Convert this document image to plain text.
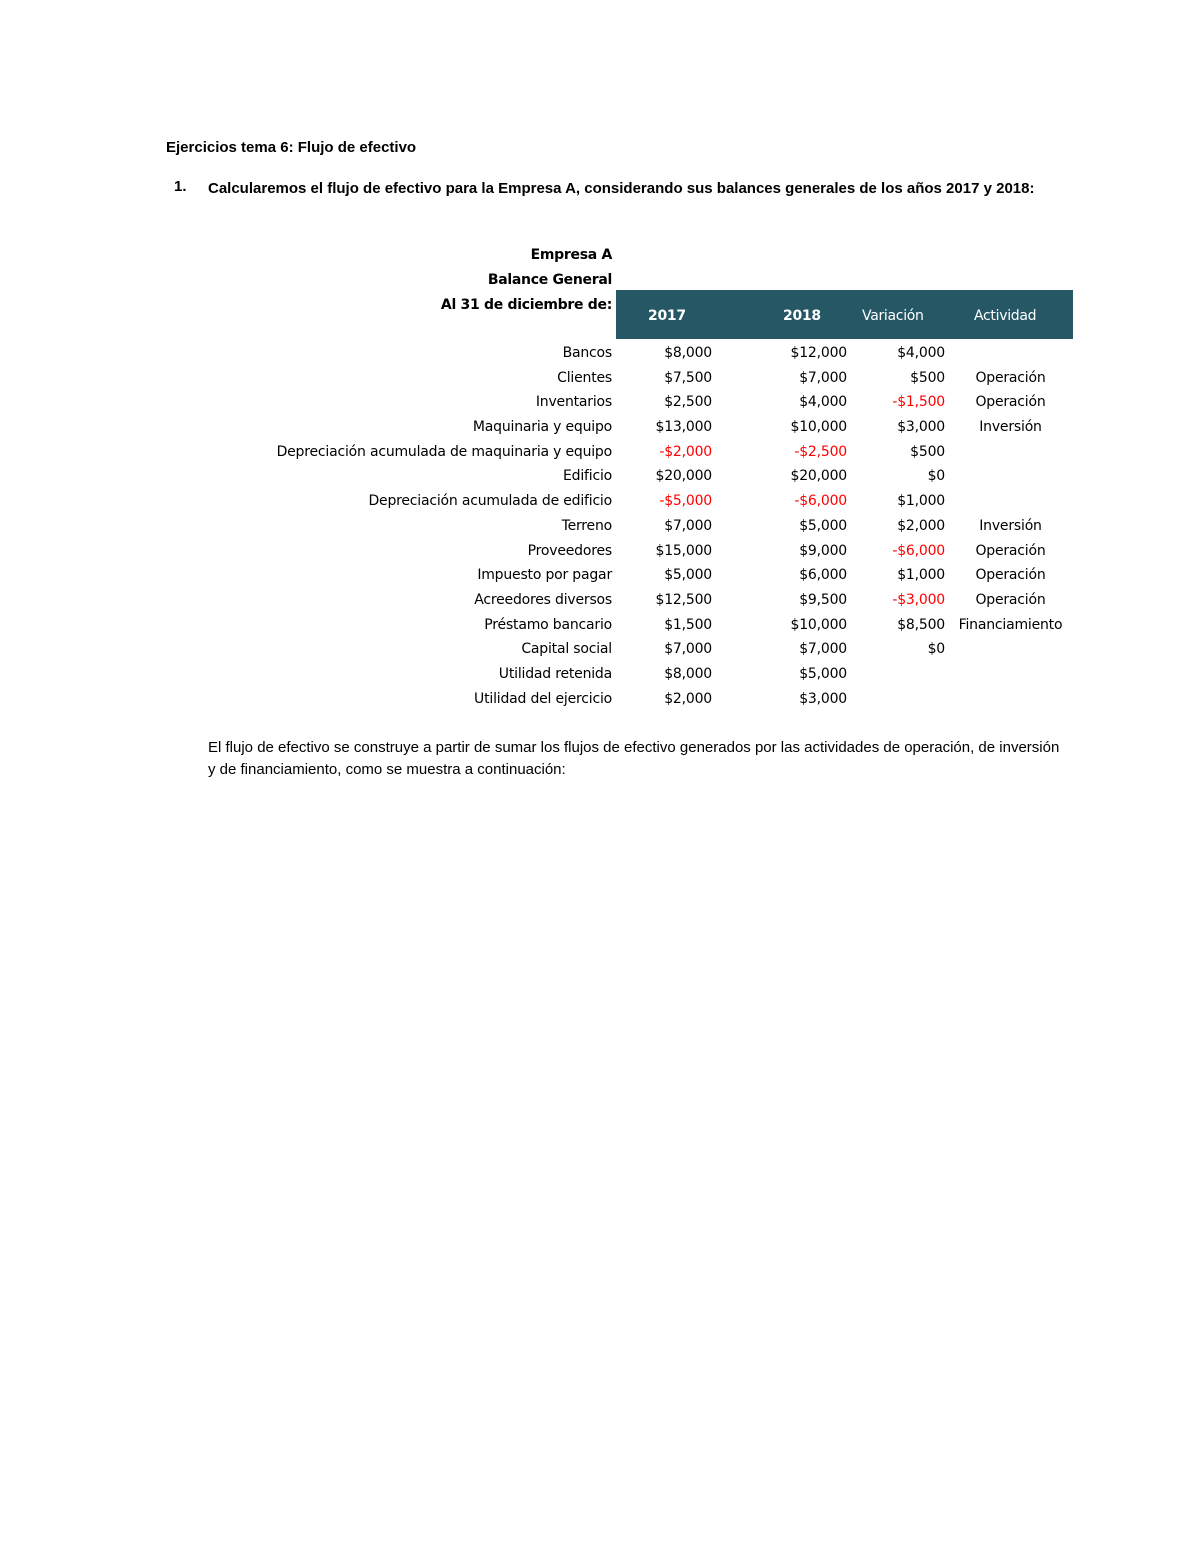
Ejercicios tema 6: Flujo de efectivo
1. Calcularemos el flujo de efectivo para la Empresa A, considerando sus balances generales de los años 2017 y 2018:
Empresa A
Balance General
Al 31 de diciembre de:
2017	2018	Variación	Actividad
Bancos	$8,000	$12,000	$4,000
Clientes	$7,500	$7,000	$500	Operación
Inventarios	$2,500	$4,000	-$1,500	Operación
Maquinaria y equipo	$13,000	$10,000	$3,000	Inversión
Depreciación acumulada de maquinaria y equipo	-$2,000	-$2,500	$500
Edificio	$20,000	$20,000	$0
Depreciación acumulada de edificio	-$5,000	-$6,000	$1,000
Terreno	$7,000	$5,000	$2,000	Inversión
Proveedores	$15,000	$9,000	-$6,000	Operación
Impuesto por pagar	$5,000	$6,000	$1,000	Operación
Acreedores diversos	$12,500	$9,500	-$3,000	Operación
Préstamo bancario	$1,500	$10,000	$8,500 Financiamiento
Capital social	$7,000	$7,000	$0
Utilidad retenida	$8,000	$5,000
Utilidad del ejercicio	$2,000	$3,000
El flujo de efectivo se construye a partir de sumar los flujos de efectivo generados por las actividades de operación, de inversión y de financiamiento, como se muestra a continuación:
